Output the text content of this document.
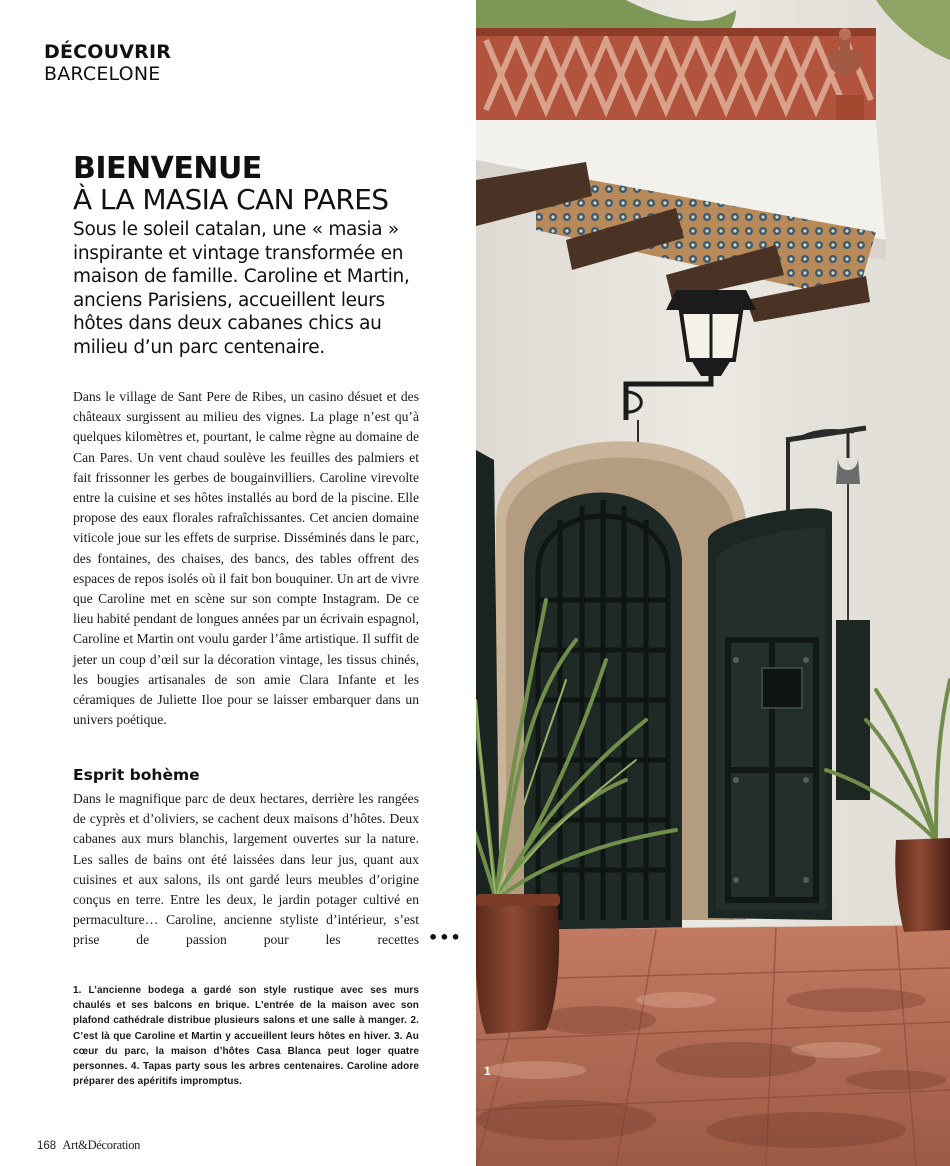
DÉCOUVRIR
BARCELONE
BIENVENUE
À LA MASIA CAN PARES

Sous le soleil catalan, une « masia » inspirante et vintage transformée en maison de famille. Caroline et Martin, anciens Parisiens, accueillent leurs hôtes dans deux cabanes chics au milieu d’un parc centenaire.

Dans le village de Sant Pere de Ribes, un casino désuet et des châteaux surgissent au milieu des vignes. La plage n’est qu’à quelques kilomètres et, pourtant, le calme règne au domaine de Can Pares. Un vent chaud soulève les feuilles des palmiers et fait frissonner les gerbes de bougainvilliers. Caroline virevolte entre la cuisine et ses hôtes installés au bord de la piscine. Elle propose des eaux florales rafraîchissantes. Cet ancien domaine viticole joue sur les effets de surprise. Disséminés dans le parc, des fontaines, des chaises, des bancs, des tables offrent des espaces de repos isolés où il fait bon bouquiner. Un art de vivre que Caroline met en scène sur son compte Instagram. De ce lieu habité pendant de longues années par un écrivain espagnol, Caroline et Martin ont voulu garder l’âme artistique. Il suffit de jeter un coup d’œil sur la décoration vintage, les tissus chinés, les bougies artisanales de son amie Clara Infante et les céramiques de Juliette Iloe pour se laisser embarquer dans un univers poétique.

Esprit bohème

Dans le magnifique parc de deux hectares, derrière les rangées de cyprès et d’oliviers, se cachent deux maisons d’hôtes. Deux cabanes aux murs blanchis, largement ouvertes sur la nature. Les salles de bains ont été laissées dans leur jus, quant aux cuisines et aux salons, ils ont gardé leurs meubles d’origine conçus en terre. Entre les deux, le jardin potager cultivé en permaculture… Caroline, ancienne styliste d’intérieur, s’est prise de passion pour les recettes •••

1. L’ancienne bodega a gardé son style rustique avec ses murs chaulés et ses balcons en brique. L’entrée de la maison avec son plafond cathédrale distribue plusieurs salons et une salle à manger. 2. C’est là que Caroline et Martin y accueillent leurs hôtes en hiver. 3. Au cœur du parc, la maison d’hôtes Casa Blanca peut loger quatre personnes. 4. Tapas party sous les arbres centenaires. Caroline adore préparer des apéritifs impromptus.

168 Art&Décoration
1
